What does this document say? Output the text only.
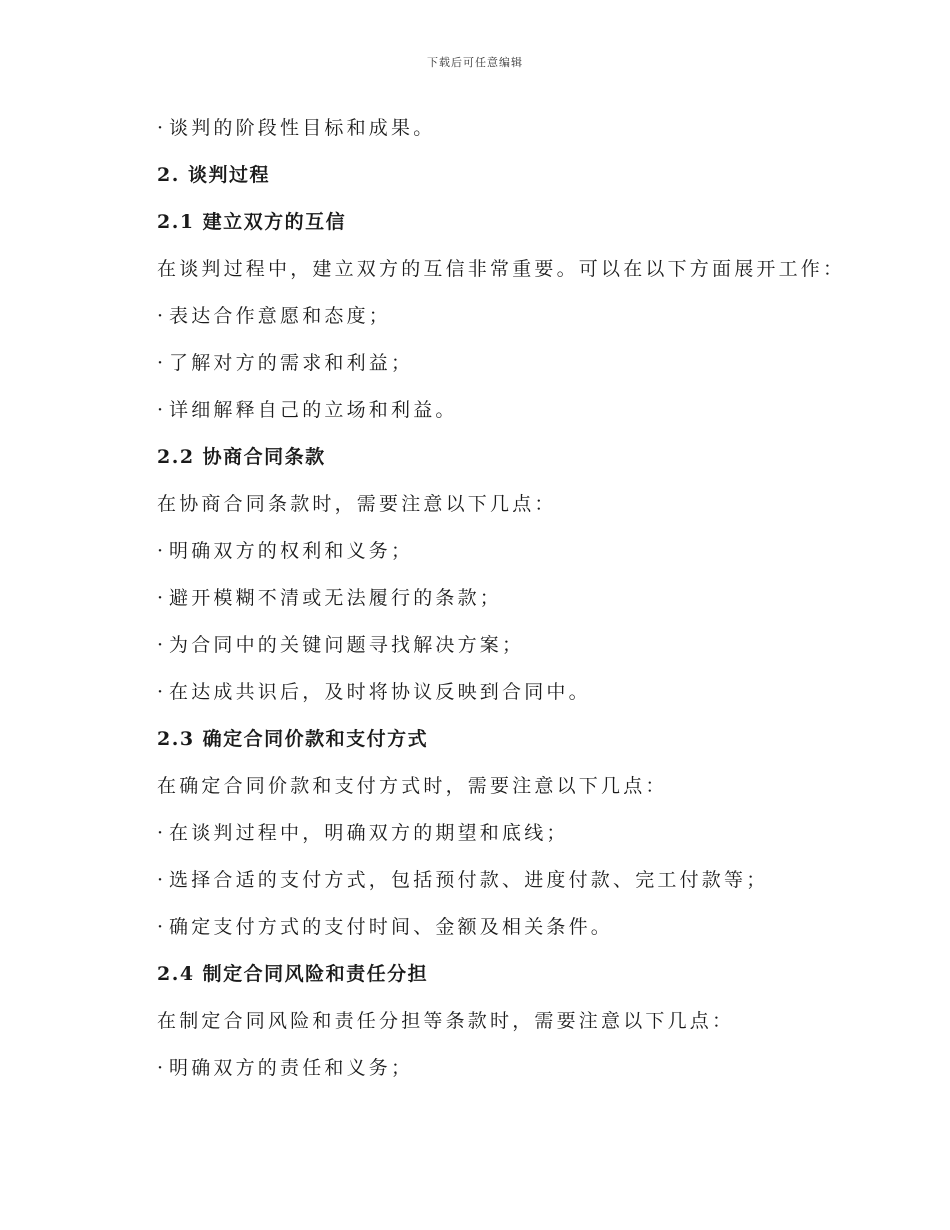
下载后可任意编辑
· 谈判的阶段性目标和成果。
2. 谈判过程
2.1 建立双方的互信
在谈判过程中，建立双方的互信非常重要。可以在以下方面展开工作：
· 表达合作意愿和态度；
· 了解对方的需求和利益；
· 详细解释自己的立场和利益。
2.2 协商合同条款
在协商合同条款时，需要注意以下几点：
· 明确双方的权利和义务；
· 避开模糊不清或无法履行的条款；
· 为合同中的关键问题寻找解决方案；
· 在达成共识后，及时将协议反映到合同中。
2.3 确定合同价款和支付方式
在确定合同价款和支付方式时，需要注意以下几点：
· 在谈判过程中，明确双方的期望和底线；
· 选择合适的支付方式，包括预付款、进度付款、完工付款等；
· 确定支付方式的支付时间、金额及相关条件。
2.4 制定合同风险和责任分担
在制定合同风险和责任分担等条款时，需要注意以下几点：
· 明确双方的责任和义务；
